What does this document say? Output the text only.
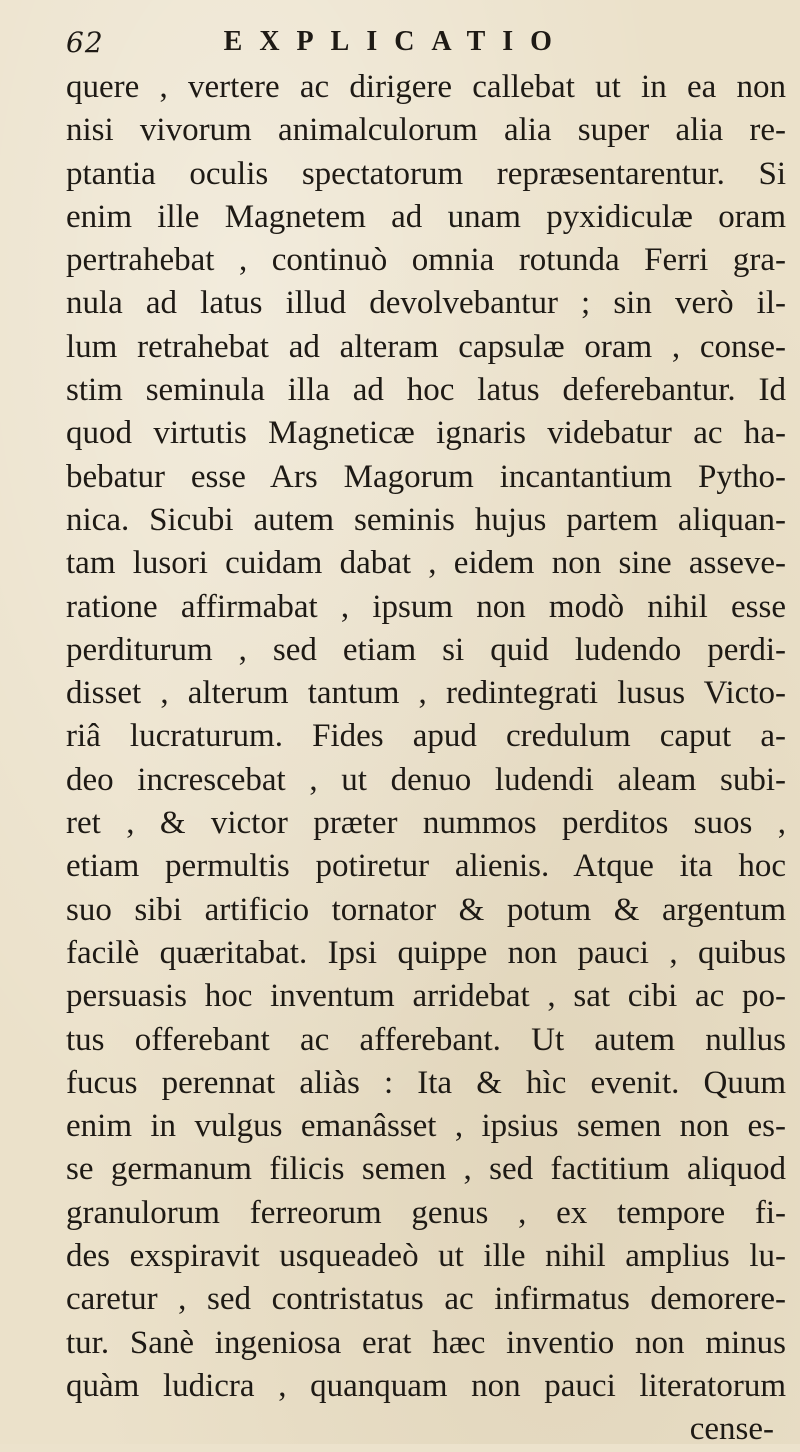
62	EXPLICATIO
quere , vertere ac dirigere callebat ut in ea non
nisi vivorum animalculorum alia super alia re-
ptantia oculis spectatorum repræsentarentur. Si
enim ille Magnetem ad unam pyxidiculæ oram
pertrahebat , continuò omnia rotunda Ferri gra-
nula ad latus illud devolvebantur ; sin verò il-
lum retrahebat ad alteram capsulæ oram , conse-
stim seminula illa ad hoc latus deferebantur. Id
quod virtutis Magneticæ ignaris videbatur ac ha-
bebatur esse Ars Magorum incantantium Pytho-
nica. Sicubi autem seminis hujus partem aliquan-
tam lusori cuidam dabat , eidem non sine asseve-
ratione affirmabat , ipsum non modò nihil esse
perditurum , sed etiam si quid ludendo perdi-
disset , alterum tantum , redintegrati lusus Victo-
riâ lucraturum. Fides apud credulum caput a-
deo increscebat , ut denuo ludendi aleam subi-
ret , & victor præter nummos perditos suos ,
etiam permultis potiretur alienis. Atque ita hoc
suo sibi artificio tornator & potum & argentum
facilè quæritabat. Ipsi quippe non pauci , quibus
persuasis hoc inventum arridebat , sat cibi ac po-
tus offerebant ac afferebant. Ut autem nullus
fucus perennat aliàs : Ita & hìc evenit. Quum
enim in vulgus emanâsset , ipsius semen non es-
se germanum filicis semen , sed factitium aliquod
granulorum ferreorum genus , ex tempore fi-
des exspiravit usqueadeò ut ille nihil amplius lu-
caretur , sed contristatus ac infirmatus demorere-
tur. Sanè ingeniosa erat hæc inventio non minus
quàm ludicra , quanquam non pauci literatorum
cense-
